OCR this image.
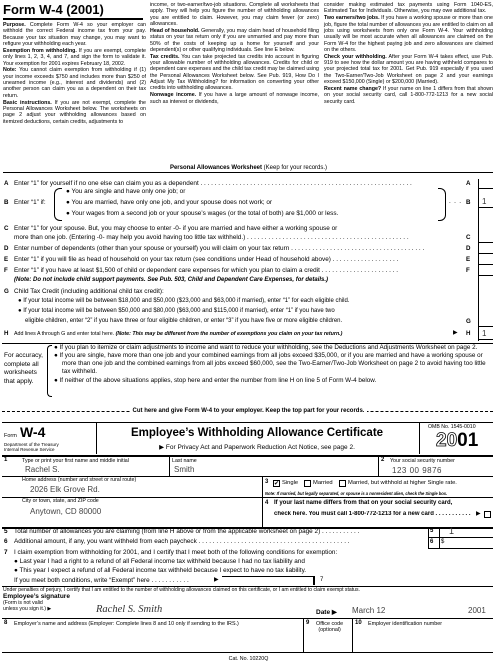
Form W-4 (2001)

Purpose. Complete Form W-4 so your employer can withhold the correct Federal income tax from your pay. Because your tax situation may change, you may want to refigure your withholding each year.

Exemption from withholding. If you are exempt, complete only lines 1, 2, 3, 4, and 7, and sign the form to validate it. Your exemption for 2001 expires February 18, 2002.

Note: You cannot claim exemption from withholding if (1) your income exceeds $750 and includes more than $250 of unearned income (e.g., interest and dividends) and (2) another person can claim you as a dependent on their tax return.

Basic instructions. If you are not exempt, complete the Personal Allowances Worksheet below. The worksheets on page 2 adjust your withholding allowances based on itemized deductions, certain credits, adjustments to

income, or two-earner/two-job situations. Complete all worksheets that apply. They will help you figure the number of withholding allowances you are entitled to claim. However, you may claim fewer (or zero) allowances.

Head of household. Generally, you may claim head of household filing status on your tax return only if you are unmarried and pay more than 50% of the costs of keeping up a home for yourself and your dependent(s) or other qualifying individuals. See line E below.

Tax credits. You can take projected tax credits into account in figuring your allowable number of withholding allowances. Credits for child or dependent care expenses and the child tax credit may be claimed using the Personal Allowances Worksheet below. See Pub. 919, How Do I Adjust My Tax Withholding? for information on converting your other credits into withholding allowances.

Nonwage income. If you have a large amount of nonwage income, such as interest or dividends,

consider making estimated tax payments using Form 1040-ES, Estimated Tax for Individuals. Otherwise, you may owe additional tax.

Two earners/two jobs. If you have a working spouse or more than one job, figure the total number of allowances you are entitled to claim on all jobs using worksheets from only one Form W-4. Your withholding usually will be most accurate when all allowances are claimed on the Form W-4 for the highest paying job and zero allowances are claimed on the others.

Check your withholding. After your Form W-4 takes effect, use Pub. 919 to see how the dollar amount you are having withheld compares to your projected total tax for 2001. Get Pub. 919 especially if you used the Two-Earner/Two-Job Worksheet on page 2 and your earnings exceed $150,000 (Single) or $200,000 (Married).

Recent name change? If your name on line 1 differs from that shown on your social security card, call 1-800-772-1213 for a new social security card.

Personal Allowances Worksheet (Keep for your records.)
A Enter “1” for yourself if no one else can claim you as a dependent . . . . . . . . . . . . . . . . . . . . . . . . . . . . . . . . . . . . . . . . . . . . . . . . . . . . . . . . . . . .	A
B Enter “1” if:
● You are single and have only one job; or
● You are married, have only one job, and your spouse does not work; or
● Your wages from a second job or your spouse’s wages (or the total of both) are $1,000 or less.
. . . B 1
C Enter “1” for your spouse. But, you may choose to enter -0- if you are married and have either a working spouse or
more than one job. (Entering -0- may help you avoid having too little tax withheld.) . . . . . . . . . . . . . . . . . . . . . . . . . . . . . . . . . . . . . . . . . . . . . .	C
D Enter number of dependents (other than your spouse or yourself) you will claim on your tax return . . . . . . . . . . . . . . . . . . . . . . . . . . . . . . . . . . . . . .	D
E Enter “1” if you will file as head of household on your tax return (see conditions under Head of household above) . . . . . . . . . . . . . . . . . . .	E
F Enter “1” if you have at least $1,500 of child or dependent care expenses for which you plan to claim a credit . . . . . . . . . . . . . . . . . . . . . .	F
(Note: Do not include child support payments. See Pub. 503, Child and Dependent Care Expenses, for details.)
G Child Tax Credit (including additional child tax credit):
● If your total income will be between $18,000 and $50,000 ($23,000 and $63,000 if married), enter “1” for each eligible child.
● If your total income will be between $50,000 and $80,000 ($63,000 and $115,000 if married), enter “1” if you have two
eligible children, enter “2” if you have three or four eligible children, or enter “3” if you have five or more eligible children.	G
H Add lines A through G and enter total here. (Note: This may be different from the number of exemptions you claim on your tax return.)	▶ H 1
For accuracy,
complete all
worksheets
that apply.
● If you plan to itemize or claim adjustments to income and want to reduce your withholding, see the Deductions and Adjustments Worksheet on page 2.
● If you are single, have more than one job and your combined earnings from all jobs exceed $35,000, or if you are married and have a working spouse or more than one job and the combined earnings from all jobs exceed $60,000, see the Two-Earner/Two-Job Worksheet on page 2 to avoid having too little tax withheld.
● If neither of the above situations applies, stop here and enter the number from line H on line 5 of Form W-4 below.
Cut here and give Form W-4 to your employer. Keep the top part for your records.
Form W-4
Department of the Treasury
Internal Revenue Service
Employee’s Withholding Allowance Certificate
▶ For Privacy Act and Paperwork Reduction Act Notice, see page 2.
OMB No. 1545-0010
2001
1	Type or print your first name and middle initial
Rachel S.
Last name
Smith
2 Your social security number
123 00 9876
Home address (number and street or rural route)
2026 Elk Grove Rd.
3 ✔ Single	Married	Married, but withhold at higher Single rate.
Note: If married, but legally separated, or spouse is a nonresident alien, check the Single box.
City or town, state, and ZIP code
Anytown, CD 80000
4 If your last name differs from that on your social security card,
check here. You must call 1-800-772-1213 for a new card . . . . . . . . . . . ▶
5 Total number of allowances you are claiming (from line H above or from the applicable worksheet on page 2) . . . . . . . . . . .	5 1
6 Additional amount, if any, you want withheld from each paycheck . . . . . . . . . . . . . . . . . . . . . . . . . . . . . . . . . . . . . . . . . . .	6 $
7 I claim exemption from withholding for 2001, and I certify that I meet both of the following conditions for exemption:
● Last year I had a right to a refund of all Federal income tax withheld because I had no tax liability and
● This year I expect a refund of all Federal income tax withheld because I expect to have no tax liability.
If you meet both conditions, write “Exempt” here . . . . . . . . . . .	▶	7
Under penalties of perjury, I certify that I am entitled to the number of withholding allowances claimed on this certificate, or I am entitled to claim exempt status.
Employee’s signature
(Form is not valid
unless you sign it.) ▶	Rachel S. Smith	Date ▶ March 12	2001
8 Employer’s name and address (Employer: Complete lines 8 and 10 only if sending to the IRS.)	9 Office code
(optional)
10 Employer identification number
Cat. No. 10220Q
